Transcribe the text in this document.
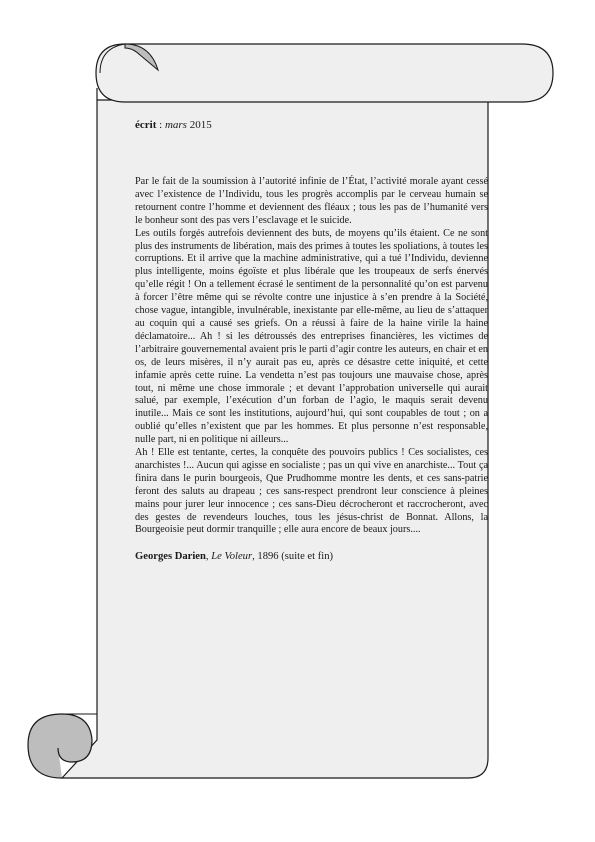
écrit : mars 2015

Par le fait de la soumission à l’autorité infinie de l’État, l’activité morale ayant cessé avec l’existence de l’Individu, tous les progrès accomplis par le cerveau humain se retournent contre l’homme et deviennent des fléaux ; tous les pas de l’humanité vers le bonheur sont des pas vers l’esclavage et le suicide.

Les outils forgés autrefois deviennent des buts, de moyens qu’ils étaient. Ce ne sont plus des instruments de libération, mais des primes à toutes les spoliations, à toutes les corruptions. Et il arrive que la machine administrative, qui a tué l’Individu, devienne plus intelligente, moins égoïste et plus libérale que les troupeaux de serfs énervés qu’elle régit ! On a tellement écrasé le sentiment de la personnalité qu’on est parvenu à forcer l’être même qui se révolte contre une injustice à s’en prendre à la Société, chose vague, intangible, invulnérable, inexistante par elle-même, au lieu de s’attaquer au coquin qui a causé ses griefs. On a réussi à faire de la haine virile la haine déclamatoire... Ah ! si les détroussés des entreprises financières, les victimes de l’arbitraire gouvernemental avaient pris le parti d’agir contre les auteurs, en chair et en os, de leurs misères, il n’y aurait pas eu, après ce désastre cette iniquité, et cette infamie après cette ruine. La vendetta n’est pas toujours une mauvaise chose, après tout, ni même une chose immorale ; et devant l’approbation universelle qui aurait salué, par exemple, l’exécution d’un forban de l’agio, le maquis serait devenu inutile... Mais ce sont les institutions, aujourd’hui, qui sont coupables de tout ; on a oublié qu’elles n’existent que par les hommes. Et plus personne n’est responsable, nulle part, ni en politique ni ailleurs...

Ah ! Elle est tentante, certes, la conquête des pouvoirs publics ! Ces socialistes, ces anarchistes !... Aucun qui agisse en socialiste ; pas un qui vive en anarchiste... Tout ça finira dans le purin bourgeois, Que Prudhomme montre les dents, et ces sans-patrie feront des saluts au drapeau ; ces sans-respect prendront leur conscience à pleines mains pour jurer leur innocence ; ces sans-Dieu décrocheront et raccrocheront, avec des gestes de revendeurs louches, tous les jésus-christ de Bonnat. Allons, la Bourgeoisie peut dormir tranquille ; elle aura encore de beaux jours....

Georges Darien, Le Voleur, 1896 (suite et fin)
